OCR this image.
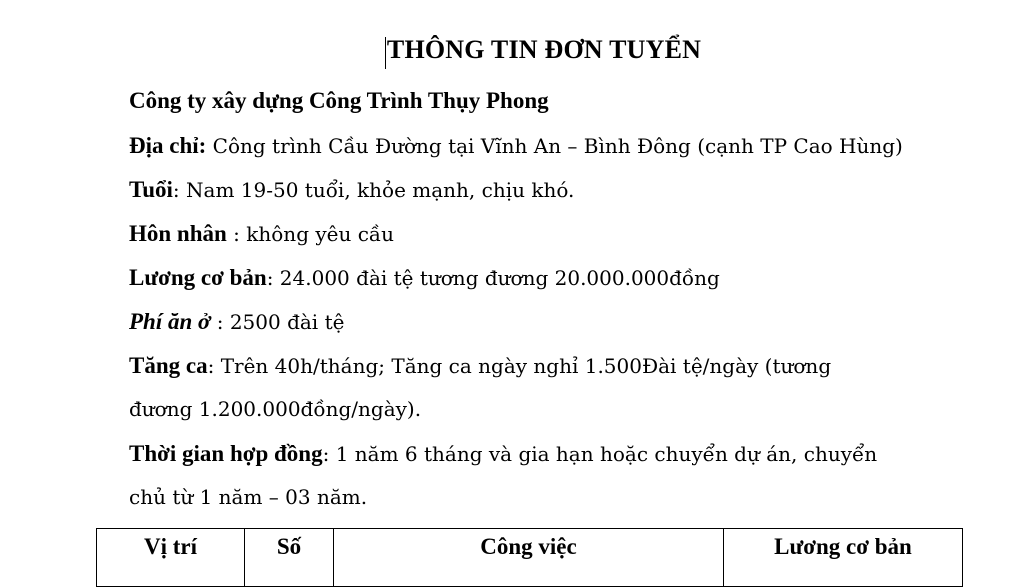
THÔNG TIN ĐƠN TUYỂN
Công ty xây dựng Công Trình Thụy Phong
Địa chỉ: Công trình Cầu Đường tại Vĩnh An – Bình Đông (cạnh TP Cao Hùng)
Tuổi: Nam 19-50 tuổi, khỏe mạnh, chịu khó.
Hôn nhân : không yêu cầu
Lương cơ bản: 24.000 đài tệ tương đương 20.000.000đồng
Phí ăn ở : 2500 đài tệ
Tăng ca: Trên 40h/tháng; Tăng ca ngày nghỉ 1.500Đài tệ/ngày (tương
đương 1.200.000đồng/ngày).
Thời gian hợp đồng: 1 năm 6 tháng và gia hạn hoặc chuyển dự án, chuyển
chủ từ 1 năm – 03 năm.
Vị trí	Số	Công việc	Lương cơ bản
